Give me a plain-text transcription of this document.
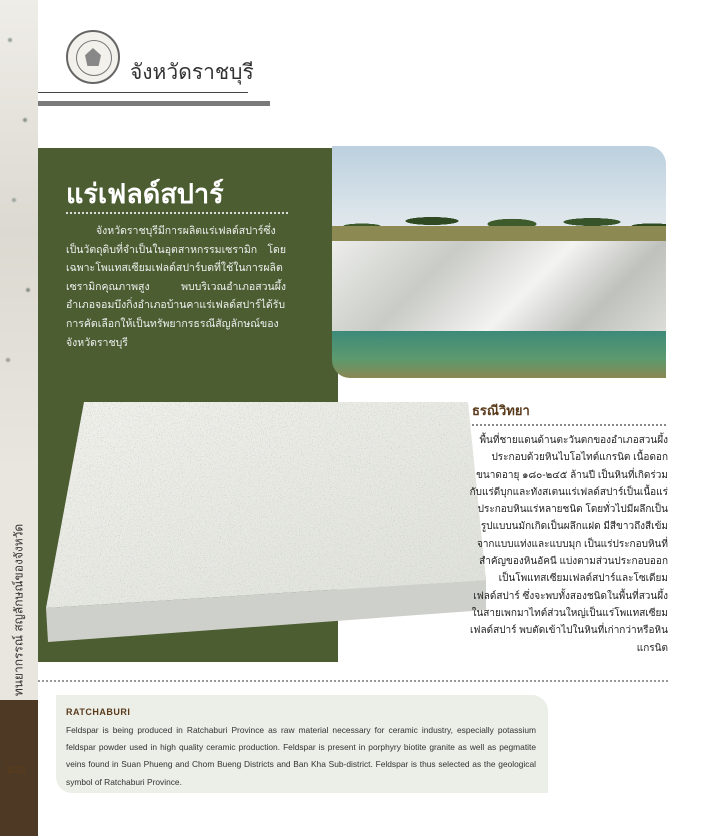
ทนยากรรณ์ สญลักษณ์ของจังหวัด
๒๘
จังหวัดราชบุรี
แร่เฟลด์สปาร์
จังหวัดราชบุรีมีการผลิตแร่เฟลด์สปาร์ซึ่งเป็นวัตถุดิบที่จำเป็นในอุตสาหกรรมเซรามิก โดยเฉพาะโพแทสเซียมเฟลด์สปาร์บดที่ใช้ในการผลิตเซรามิกคุณภาพสูง พบบริเวณอำเภอสวนผึ้ง อำเภอจอมบึงกิ่งอำเภอบ้านคาแร่เฟลด์สปาร์ได้รับการคัดเลือกให้เป็นทรัพยากรธรณีสัญลักษณ์ของจังหวัดราชบุรี
ธรณีวิทยา
พื้นที่ชายแดนด้านตะวันตกของอำเภอสวนผึ้ง ประกอบด้วยหินไบโอไทต์แกรนิต เนื้อดอกขนาดอายุ ๑๘๐-๒๔๕ ล้านปี เป็นหินที่เกิดร่วมกับแร่ดีบุกและทังสเตนแร่เฟลด์สปาร์เป็นเนื้อแร่ประกอบหินแร่หลายชนิด โดยทั่วไปมีผลึกเป็นรูปแบบนมักเกิดเป็นผลึกแฝด มีสีขาวถึงสีเข้ม จากแบบแท่งและแบบมุก เป็นแร่ประกอบหินที่สำคัญของหินอัคนี แบ่งตามส่วนประกอบออกเป็นโพแทสเซียมเฟลด์สปาร์และโซเดียมเฟลด์สปาร์ ซึ่งจะพบทั้งสองชนิดในพื้นที่สวนผึ้ง ในสายเพกมาไทต์ส่วนใหญ่เป็นแร่โพแทสเซียมเฟลด์สปาร์ พบตัดเข้าไปในหินที่เก่ากว่าหรือหินแกรนิต
RATCHABURI
Feldspar is being produced in Ratchaburi Province as raw material necessary for ceramic industry, especially potassium feldspar powder used in high quality ceramic production. Feldspar is present in porphyry biotite granite as well as pegmatite veins found in Suan Phueng and Chom Bueng Districts and Ban Kha Sub-district. Feldspar is thus selected as the geological symbol of Ratchaburi Province.
